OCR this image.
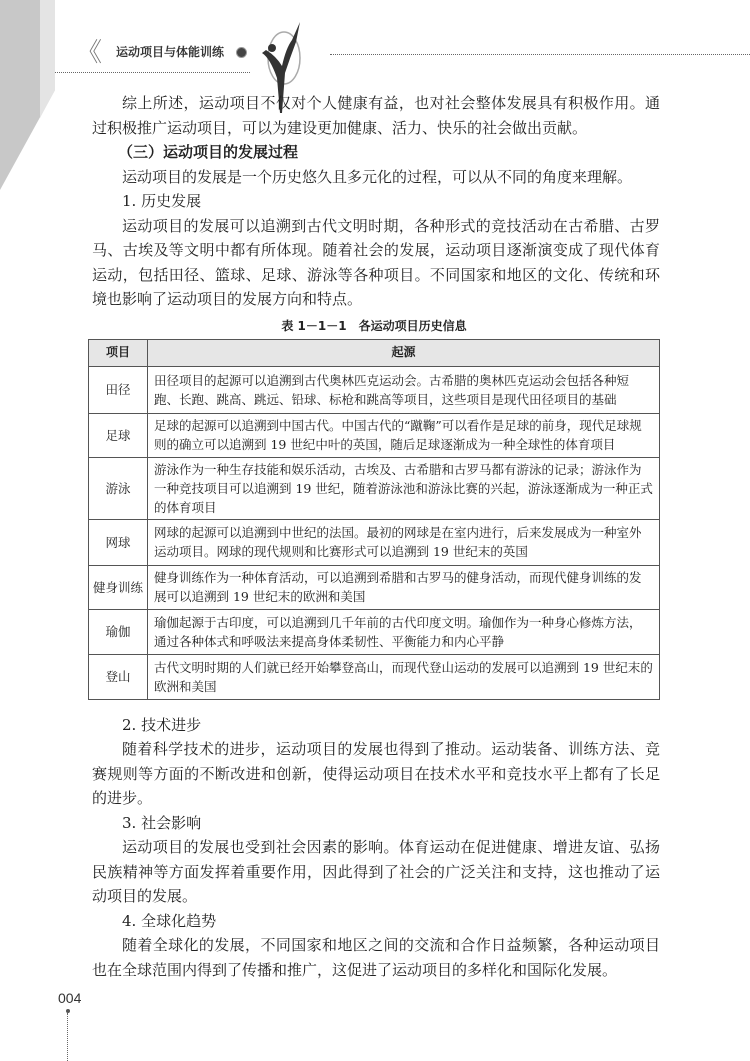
《 运动项目与体能训练

综上所述，运动项目不仅对个人健康有益，也对社会整体发展具有积极作用。通过积极推广运动项目，可以为建设更加健康、活力、快乐的社会做出贡献。

（三）运动项目的发展过程

运动项目的发展是一个历史悠久且多元化的过程，可以从不同的角度来理解。

1. 历史发展

运动项目的发展可以追溯到古代文明时期，各种形式的竞技活动在古希腊、古罗马、古埃及等文明中都有所体现。随着社会的发展，运动项目逐渐演变成了现代体育运动，包括田径、篮球、足球、游泳等各种项目。不同国家和地区的文化、传统和环境也影响了运动项目的发展方向和特点。

表 1－1－1　各运动项目历史信息
项目	起源
田径	田径项目的起源可以追溯到古代奥林匹克运动会。古希腊的奥林匹克运动会包括各种短跑、长跑、跳高、跳远、铅球、标枪和跳高等项目，这些项目是现代田径项目的基础
足球	足球的起源可以追溯到中国古代。中国古代的“蹴鞠”可以看作是足球的前身，现代足球规则的确立可以追溯到 19 世纪中叶的英国，随后足球逐渐成为一种全球性的体育项目
游泳	游泳作为一种生存技能和娱乐活动，古埃及、古希腊和古罗马都有游泳的记录；游泳作为一种竞技项目可以追溯到 19 世纪，随着游泳池和游泳比赛的兴起，游泳逐渐成为一种正式的体育项目
网球	网球的起源可以追溯到中世纪的法国。最初的网球是在室内进行，后来发展成为一种室外运动项目。网球的现代规则和比赛形式可以追溯到 19 世纪末的英国
健身训练	健身训练作为一种体育活动，可以追溯到希腊和古罗马的健身活动，而现代健身训练的发展可以追溯到 19 世纪末的欧洲和美国
瑜伽	瑜伽起源于古印度，可以追溯到几千年前的古代印度文明。瑜伽作为一种身心修炼方法，通过各种体式和呼吸法来提高身体柔韧性、平衡能力和内心平静
登山	古代文明时期的人们就已经开始攀登高山，而现代登山运动的发展可以追溯到 19 世纪末的欧洲和美国
2. 技术进步

随着科学技术的进步，运动项目的发展也得到了推动。运动装备、训练方法、竞赛规则等方面的不断改进和创新，使得运动项目在技术水平和竞技水平上都有了长足的进步。

3. 社会影响

运动项目的发展也受到社会因素的影响。体育运动在促进健康、增进友谊、弘扬民族精神等方面发挥着重要作用，因此得到了社会的广泛关注和支持，这也推动了运动项目的发展。

4. 全球化趋势

随着全球化的发展，不同国家和地区之间的交流和合作日益频繁，各种运动项目也在全球范围内得到了传播和推广，这促进了运动项目的多样化和国际化发展。

004
